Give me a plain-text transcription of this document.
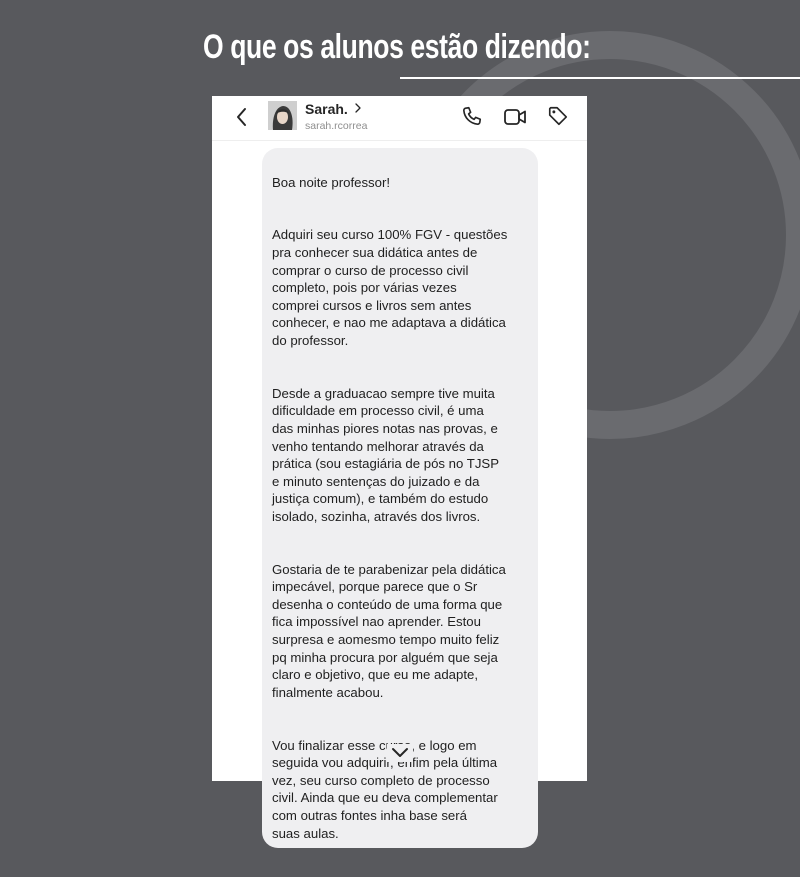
O que os alunos estão dizendo:
Sarah.
sarah.rcorrea

Boa noite professor!

Adquiri seu curso 100% FGV - questões
pra conhecer sua didática antes de
comprar o curso de processo civil
completo, pois por várias vezes
comprei cursos e livros sem antes
conhecer, e nao me adaptava a didática
do professor.

Desde a graduacao sempre tive muita
dificuldade em processo civil, é uma
das minhas piores notas nas provas, e
venho tentando melhorar através da
prática (sou estagiária de pós no TJSP
e minuto sentenças do juizado e da
justiça comum), e também do estudo
isolado, sozinha, através dos livros.

Gostaria de te parabenizar pela didática
impecável, porque parece que o Sr
desenha o conteúdo de uma forma que
fica impossível nao aprender. Estou
surpresa e aomesmo tempo muito feliz
pq minha procura por alguém que seja
claro e objetivo, que eu me adapte,
finalmente acabou.

Vou finalizar esse curso, e logo em
seguida vou adquirir, enfim pela última
vez, seu curso completo de processo
civil. Ainda que eu deva complementar
com outras fontes inha base será
suas aulas.
